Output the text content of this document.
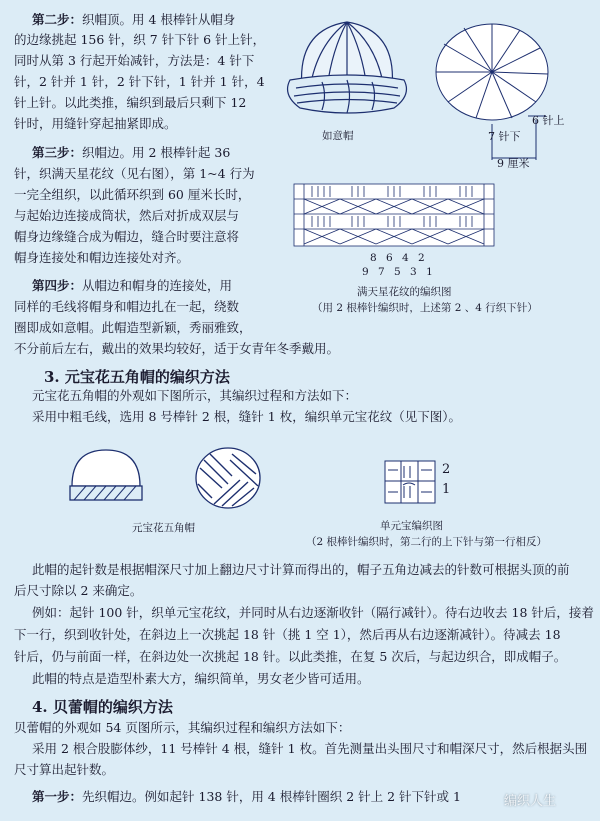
第二步：织帽顶。用 4 根棒针从帽身
的边缘挑起 156 针，织 7 针下针 6 针上针，
同时从第 3 行起开始减针，方法是：4 针下
针，2 针并 1 针，2 针下针，1 针并 1 针，4
针上针。以此类推，编织到最后只剩下 12
针时，用缝针穿起抽紧即成。
第三步：织帽边。用 2 根棒针起 36
针，织满天星花纹（见右图），第 1~4 行为
一完全组织，以此循环织到 60 厘米长时，
与起始边连接成筒状，然后对折成双层与
帽身边缘缝合成为帽边，缝合时要注意将
帽身连接处和帽边连接处对齐。
第四步：从帽边和帽身的连接处，用
同样的毛线将帽身和帽边扎在一起，绕数
圈即成如意帽。此帽造型新颖，秀丽雅致，
不分前后左右，戴出的效果均较好，适于女青年冬季戴用。
如意帽
6 针上
7 针下
9 厘米
8 6 4 2
9 7 5 3 1
满天星花纹的编织图
（用 2 根棒针编织时，上述第 2 、4 行织下针）
3. 元宝花五角帽的编织方法
元宝花五角帽的外观如下图所示，其编织过程和方法如下：
采用中粗毛线，选用 8 号棒针 2 根，缝针 1 枚，编织单元宝花纹（见下图）。
元宝花五角帽
2
1
单元宝编织图
（2 根棒针编织时，第二行的上下针与第一行相反）
此帽的起针数是根据帽深尺寸加上翻边尺寸计算而得出的，帽子五角边减去的针数可根据头顶的前
后尺寸除以 2 来确定。
例如：起针 100 针，织单元宝花纹，并同时从右边逐渐收针（隔行减针）。待右边收去 18 针后，接着
下一行，织到收针处，在斜边上一次挑起 18 针（挑 1 空 1），然后再从右边逐渐减针）。待减去 18
针后，仍与前面一样，在斜边处一次挑起 18 针。以此类推，在复 5 次后，与起边织合，即成帽子。
此帽的特点是造型朴素大方，编织简单，男女老少皆可适用。
4. 贝蕾帽的编织方法
贝蕾帽的外观如 54 页图所示，其编织过程和编织方法如下：
采用 2 根合股膨体纱，11 号棒针 4 根，缝针 1 枚。首先测量出头围尺寸和帽深尺寸，然后根据头围
尺寸算出起针数。
第一步：先织帽边。例如起针 138 针，用 4 根棒针圈织 2 针上 2 针下针或 1	编织人生
